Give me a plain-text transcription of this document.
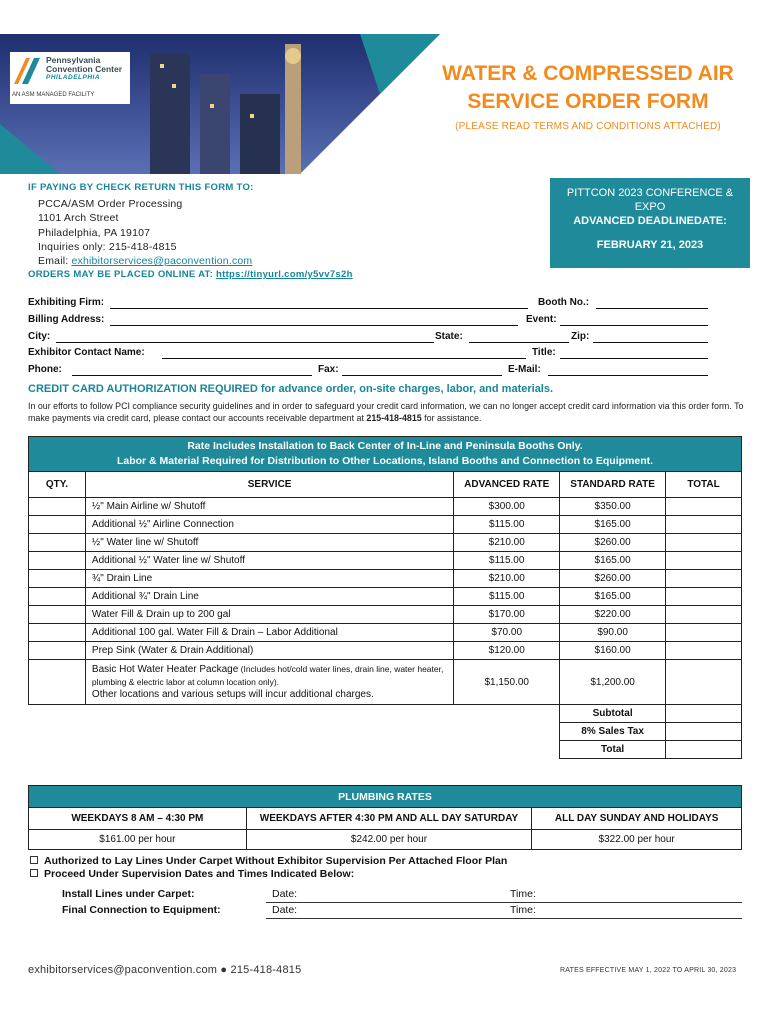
Pennsylvania
Convention Center
PHILADELPHIA
AN ASM MANAGED FACILITY
WATER & COMPRESSED AIR
SERVICE ORDER FORM
(PLEASE READ TERMS AND CONDITIONS ATTACHED)
IF PAYING BY CHECK RETURN THIS FORM TO:
PCCA/ASM Order Processing
1101 Arch Street
Philadelphia, PA 19107
Inquiries only: 215-418-4815
Email: exhibitorservices@paconvention.com
ORDERS MAY BE PLACED ONLINE AT: https://tinyurl.com/y5vv7s2h
PITTCON 2023 CONFERENCE &
EXPO
ADVANCED DEADLINEDATE:
FEBRUARY 21, 2023
Exhibiting Firm:	Booth No.:
Billing Address:	Event:
City:	State:	Zip:
Exhibitor Contact Name:	Title:
Phone:	Fax:	E-Mail:
CREDIT CARD AUTHORIZATION REQUIRED for advance order, on-site charges, labor, and materials.
In our efforts to follow PCI compliance security guidelines and in order to safeguard your credit card information, we can no longer accept credit card information via this order form. To make payments via credit card, please contact our accounts receivable department at 215-418-4815 for assistance.
Rate Includes Installation to Back Center of In-Line and Peninsula Booths Only.
Labor & Material Required for Distribution to Other Locations, Island Booths and Connection to Equipment.				

QTY.	SERVICE	ADVANCED RATE	STANDARD RATE	TOTAL
	½" Main Airline w/ Shutoff	$300.00	$350.00	
	Additional ½" Airline Connection	$115.00	$165.00	
	½" Water line w/ Shutoff	$210.00	$260.00	
	Additional ½" Water line w/ Shutoff	$115.00	$165.00	
	¾" Drain Line	$210.00	$260.00	
	Additional ¾" Drain Line	$115.00	$165.00	
	Water Fill & Drain up to 200 gal	$170.00	$220.00	
	Additional 100 gal. Water Fill & Drain – Labor Additional	$70.00	$90.00	
	Prep Sink (Water & Drain Additional)	$120.00	$160.00	
	Basic Hot Water Heater Package (Includes hot/cold water lines, drain line, water heater, plumbing & electric labor at column location only).
Other locations and various setups will incur additional charges.	$1,150.00	$1,200.00	
			Subtotal	
			8% Sales Tax	
			Total	
PLUMBING RATES		
WEEKDAYS 8 AM – 4:30 PM	WEEKDAYS AFTER 4:30 PM AND ALL DAY SATURDAY	ALL DAY SUNDAY AND HOLIDAYS
$161.00 per hour	$242.00 per hour	$322.00 per hour
Authorized to Lay Lines Under Carpet Without Exhibitor Supervision Per Attached Floor Plan
Proceed Under Supervision Dates and Times Indicated Below:
Install Lines under Carpet:	Date:	Time:
Final Connection to Equipment:	Date:	Time:
exhibitorservices@paconvention.com ● 215-418-4815	RATES EFFECTIVE MAY 1, 2022 TO APRIL 30, 2023
